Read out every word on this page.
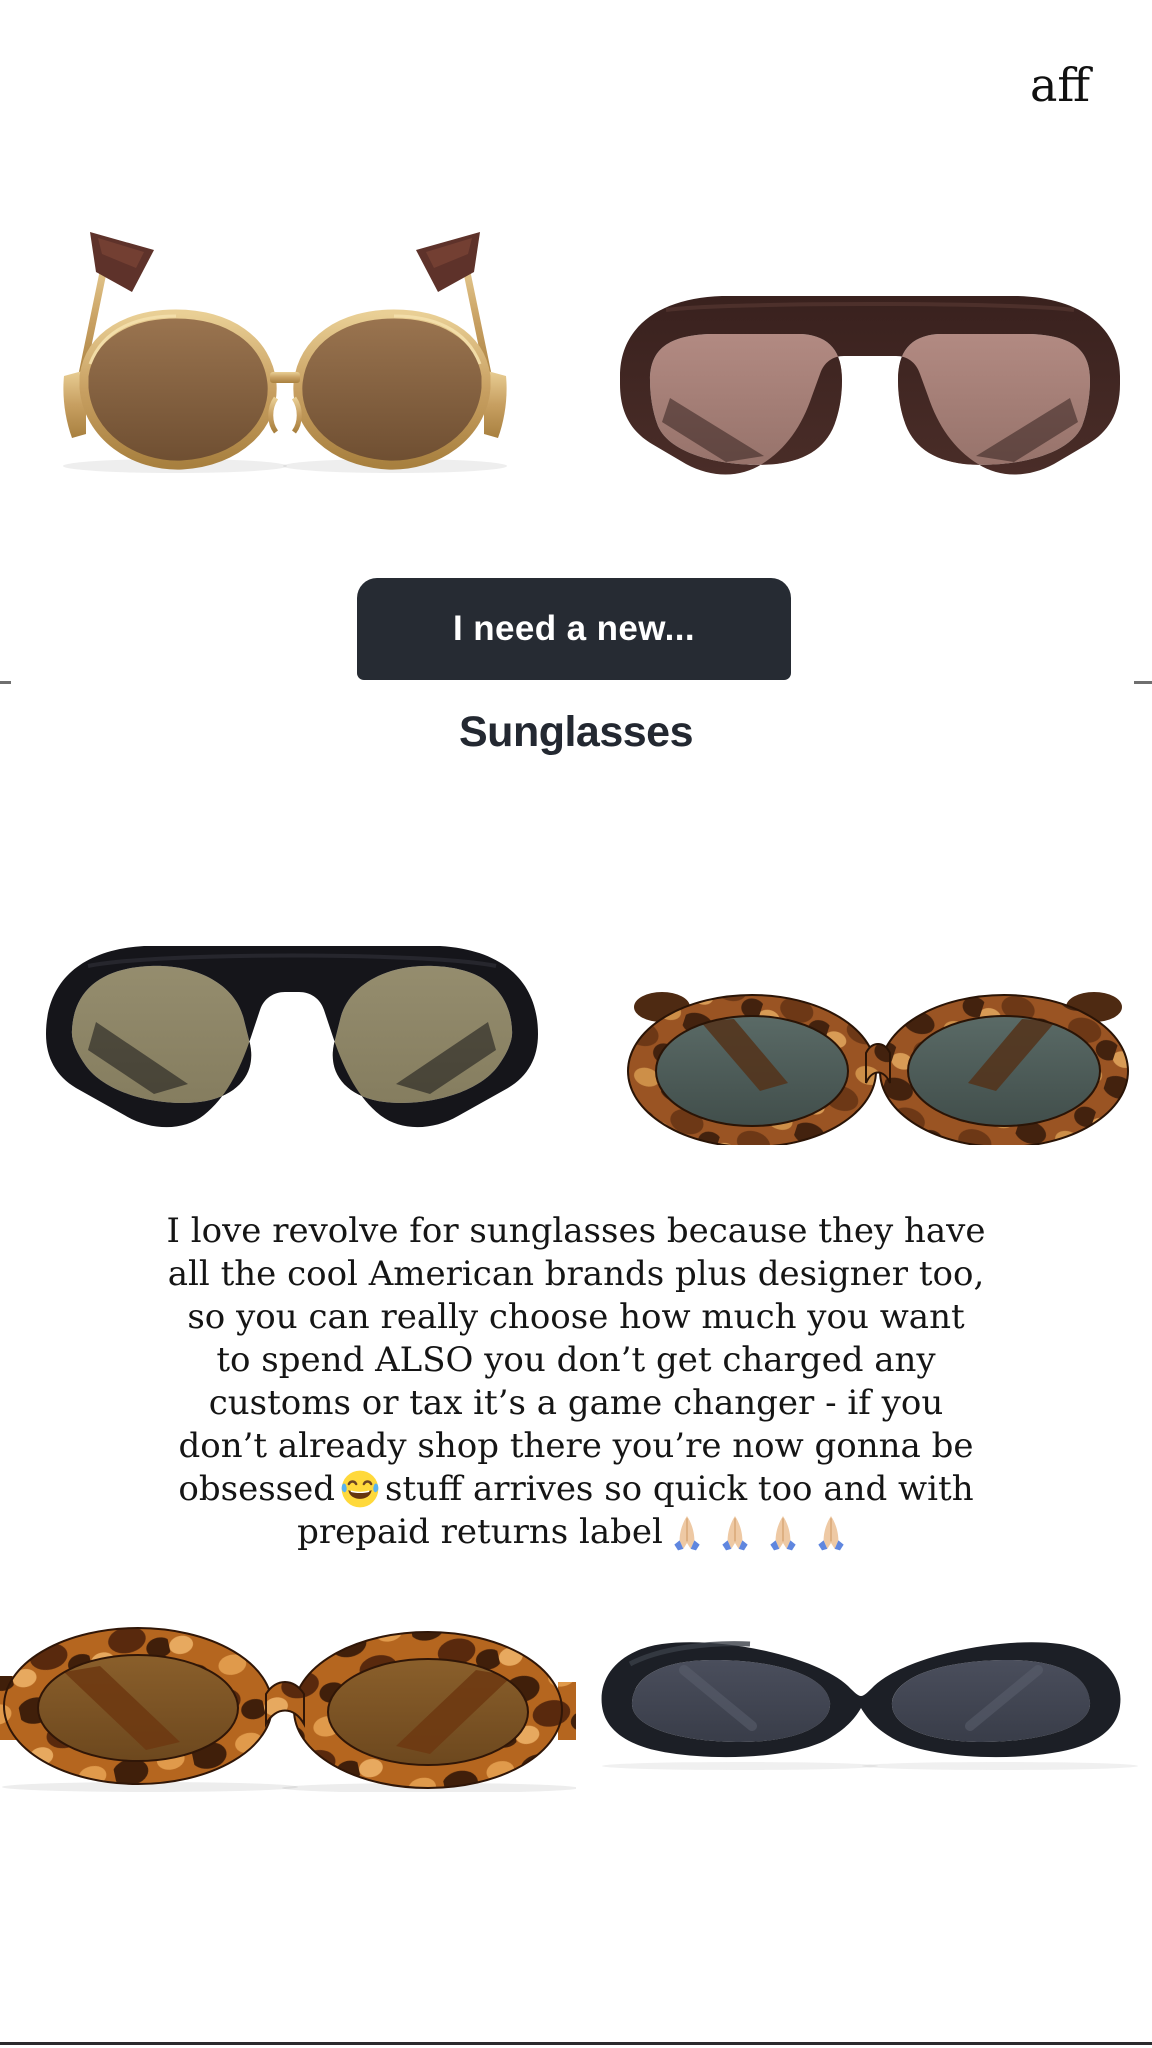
aff
I need a new...
Sunglasses
I love revolve for sunglasses because they have
all the cool American brands plus designer too,
so you can really choose how much you want
to spend ALSO you don’t get charged any
customs or tax it’s a game changer - if you
don’t already shop there you’re now gonna be
obsessed stuff arrives so quick too and with
prepaid returns label
